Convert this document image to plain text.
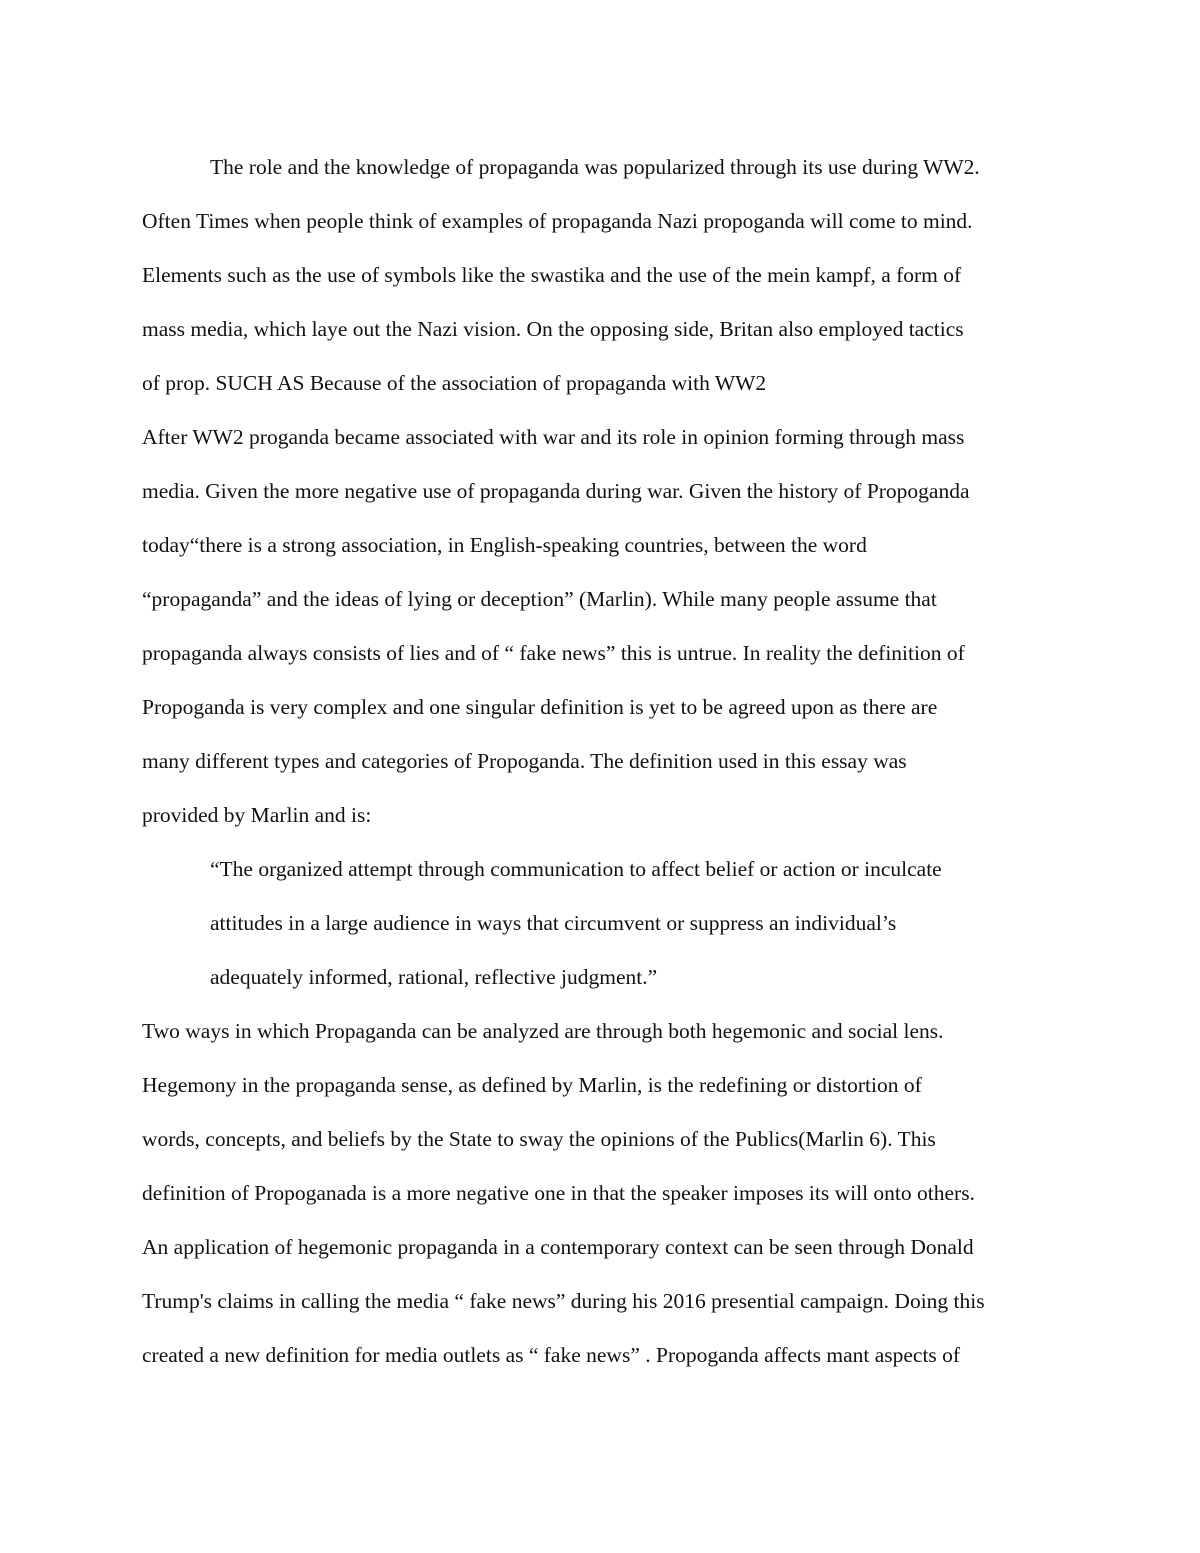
The role and the knowledge of propaganda was popularized through its use during WW2.
Often Times when people think of examples of propaganda Nazi propoganda will come to mind.
Elements such as the use of symbols like the swastika and the use of the mein kampf, a form of
mass media, which laye out the Nazi vision. On the opposing side, Britan also employed tactics
of prop. SUCH AS Because of the association of propaganda with WW2
After WW2 proganda became associated with war and its role in opinion forming through mass
media. Given the more negative use of propaganda during war. Given the history of Propoganda
today“there is a strong association, in English-speaking countries, between the word
“propaganda” and the ideas of lying or deception” (Marlin). While many people assume that
propaganda always consists of lies and of “ fake news” this is untrue. In reality the definition of
Propoganda is very complex and one singular definition is yet to be agreed upon as there are
many different types and categories of Propoganda. The definition used in this essay was
provided by Marlin and is:
“The organized attempt through communication to affect belief or action or inculcate
attitudes in a large audience in ways that circumvent or suppress an individual’s
adequately informed, rational, reflective judgment.”
Two ways in which Propaganda can be analyzed are through both hegemonic and social lens.
Hegemony in the propaganda sense, as defined by Marlin, is the redefining or distortion of
words, concepts, and beliefs by the State to sway the opinions of the Publics(Marlin 6). This
definition of Propoganada is a more negative one in that the speaker imposes its will onto others.
An application of hegemonic propaganda in a contemporary context can be seen through Donald
Trump's claims in calling the media “ fake news” during his 2016 presential campaign. Doing this
created a new definition for media outlets as “ fake news” . Propoganda affects mant aspects of
